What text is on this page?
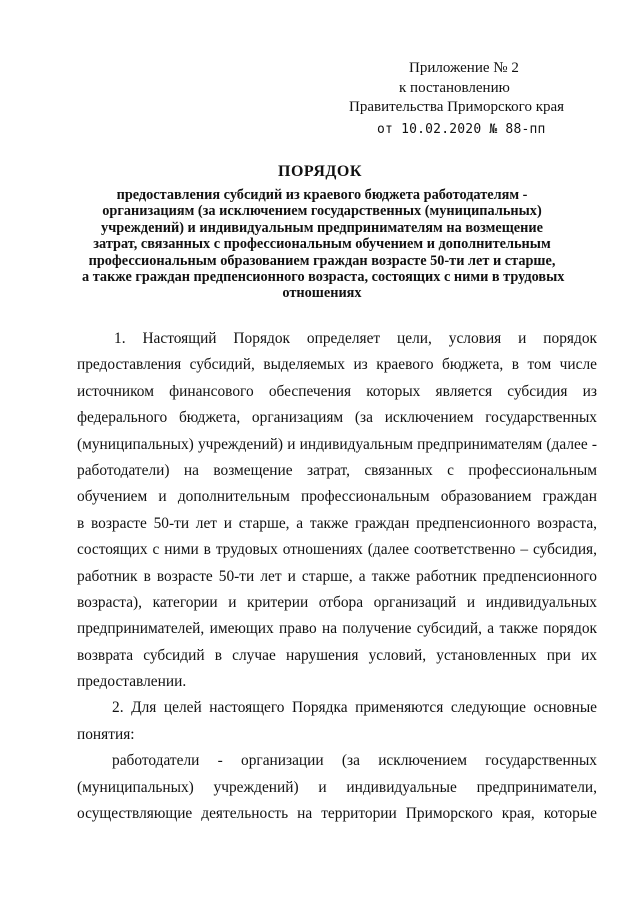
Приложение № 2
к постановлению
Правительства Приморского края
от 10.02.2020 № 88-пп
ПОРЯДОК
предоставления субсидий из краевого бюджета работодателям -
организациям (за исключением государственных (муниципальных)
учреждений) и индивидуальным предпринимателям на возмещение
затрат, связанных с профессиональным обучением и дополнительным
профессиональным образованием граждан возрасте 50-ти лет и старше,
а также граждан предпенсионного возраста, состоящих с ними в трудовых
отношениях
1. Настоящий Порядок определяет цели, условия и порядок
предоставления субсидий, выделяемых из краевого бюджета, в том числе
источником финансового обеспечения которых является субсидия из
федерального бюджета, организациям (за исключением государственных
(муниципальных) учреждений) и индивидуальным предпринимателям (далее -
работодатели) на возмещение затрат, связанных с профессиональным
обучением и дополнительным профессиональным образованием граждан
в возрасте 50-ти лет и старше, а также граждан предпенсионного возраста,
состоящих с ними в трудовых отношениях (далее соответственно – субсидия,
работник в возрасте 50-ти лет и старше, а также работник предпенсионного
возраста), категории и критерии отбора организаций и индивидуальных
предпринимателей, имеющих право на получение субсидий, а также порядок
возврата субсидий в случае нарушения условий, установленных при их
предоставлении.
2. Для целей настоящего Порядка применяются следующие основные
понятия:
работодатели - организации (за исключением государственных
(муниципальных) учреждений) и индивидуальные предприниматели,
осуществляющие деятельность на территории Приморского края, которые
